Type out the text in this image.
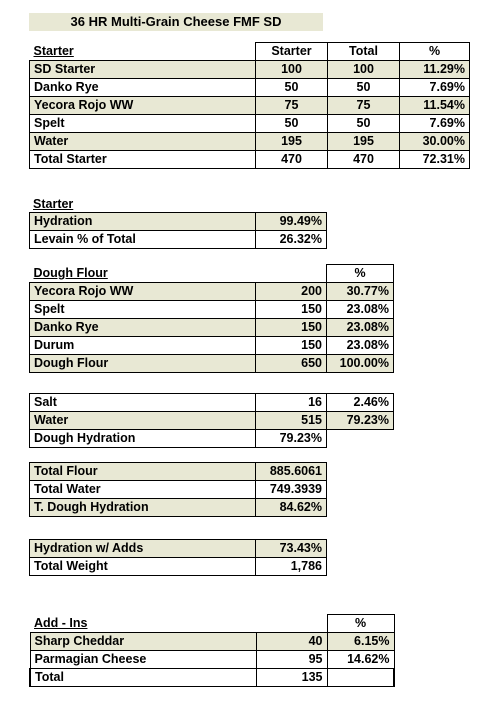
36 HR Multi-Grain Cheese FMF SD
Starter	Starter	Total	%
SD Starter	100	100	11.29%
Danko Rye	50	50	7.69%
Yecora Rojo WW	75	75	11.54%
Spelt	50	50	7.69%
Water	195	195	30.00%
Total Starter	470	470	72.31%
Starter
Hydration	99.49%
Levain % of Total	26.32%
Dough Flour		%
Yecora Rojo WW	200	30.77%
Spelt	150	23.08%
Danko Rye	150	23.08%
Durum	150	23.08%
Dough Flour	650	100.00%
Salt	16	2.46%
Water	515	79.23%
Dough Hydration	79.23%
Total Flour	885.6061
Total Water	749.3939
T. Dough Hydration	84.62%
Hydration w/ Adds	73.43%
Total Weight	1,786
Add - Ins		%
Sharp Cheddar	40	6.15%
Parmagian Cheese	95	14.62%
Total	135	
